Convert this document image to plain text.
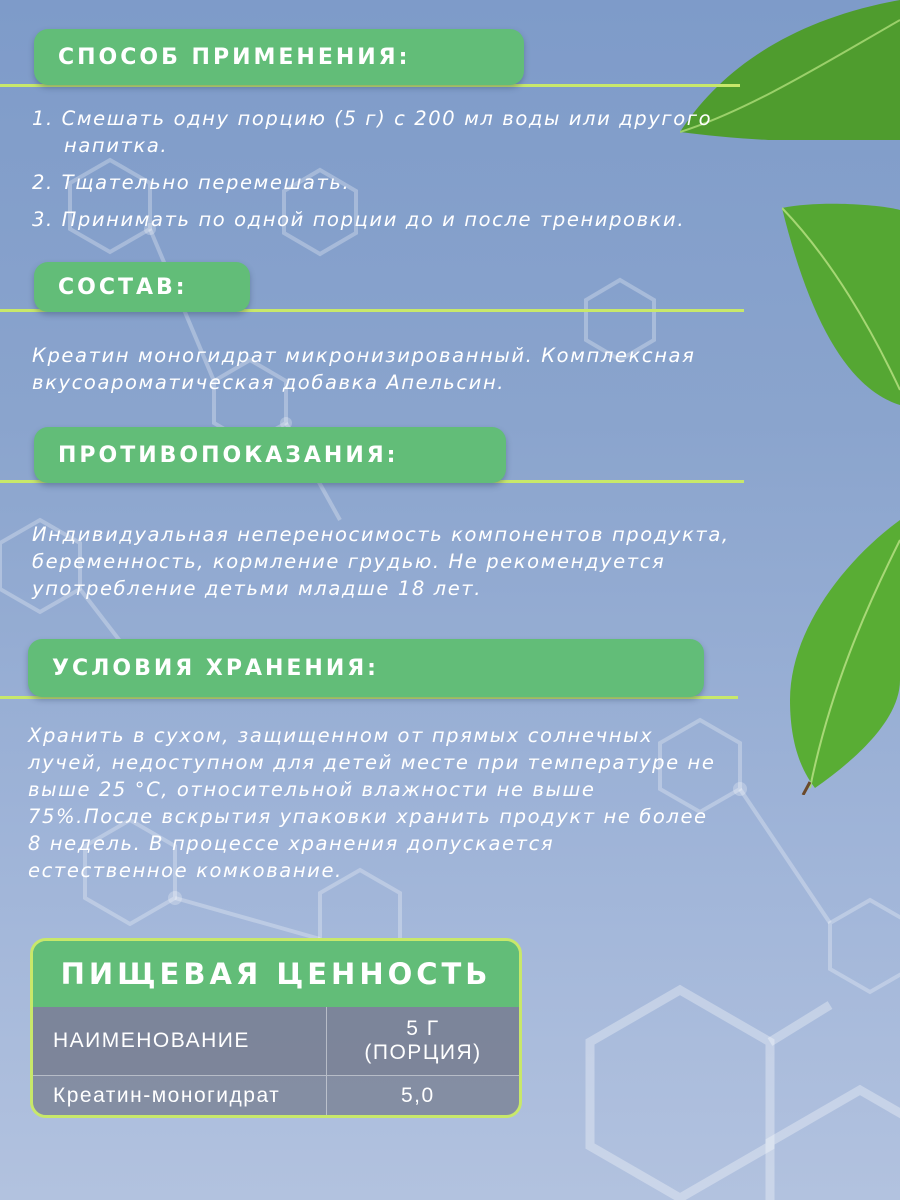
СПОСОБ ПРИМЕНЕНИЯ:
1. Смешать одну порцию (5 г) с 200 мл воды или другого напитка.
2. Тщательно перемешать.
3. Принимать по одной порции до и после тренировки.
СОСТАВ:

Креатин моногидрат микронизированный. Комплексная вкусоароматическая добавка Апельсин.

ПРОТИВОПОКАЗАНИЯ:

Индивидуальная непереносимость компонентов продукта, беременность, кормление грудью. Не рекомендуется употребление детьми младше 18 лет.

УСЛОВИЯ ХРАНЕНИЯ:

Хранить в сухом, защищенном от прямых солнечных лучей, недоступном для детей месте при температуре не выше 25 °С, относительной влажности не выше 75%.После вскрытия упаковки хранить продукт не более 8 недель. В процессе хранения допускается естественное комкование.

ПИЩЕВАЯ ЦЕННОСТЬ
НАИМЕНОВАНИЕ
5 Г
(ПОРЦИЯ)
Креатин-моногидрат	5,0
